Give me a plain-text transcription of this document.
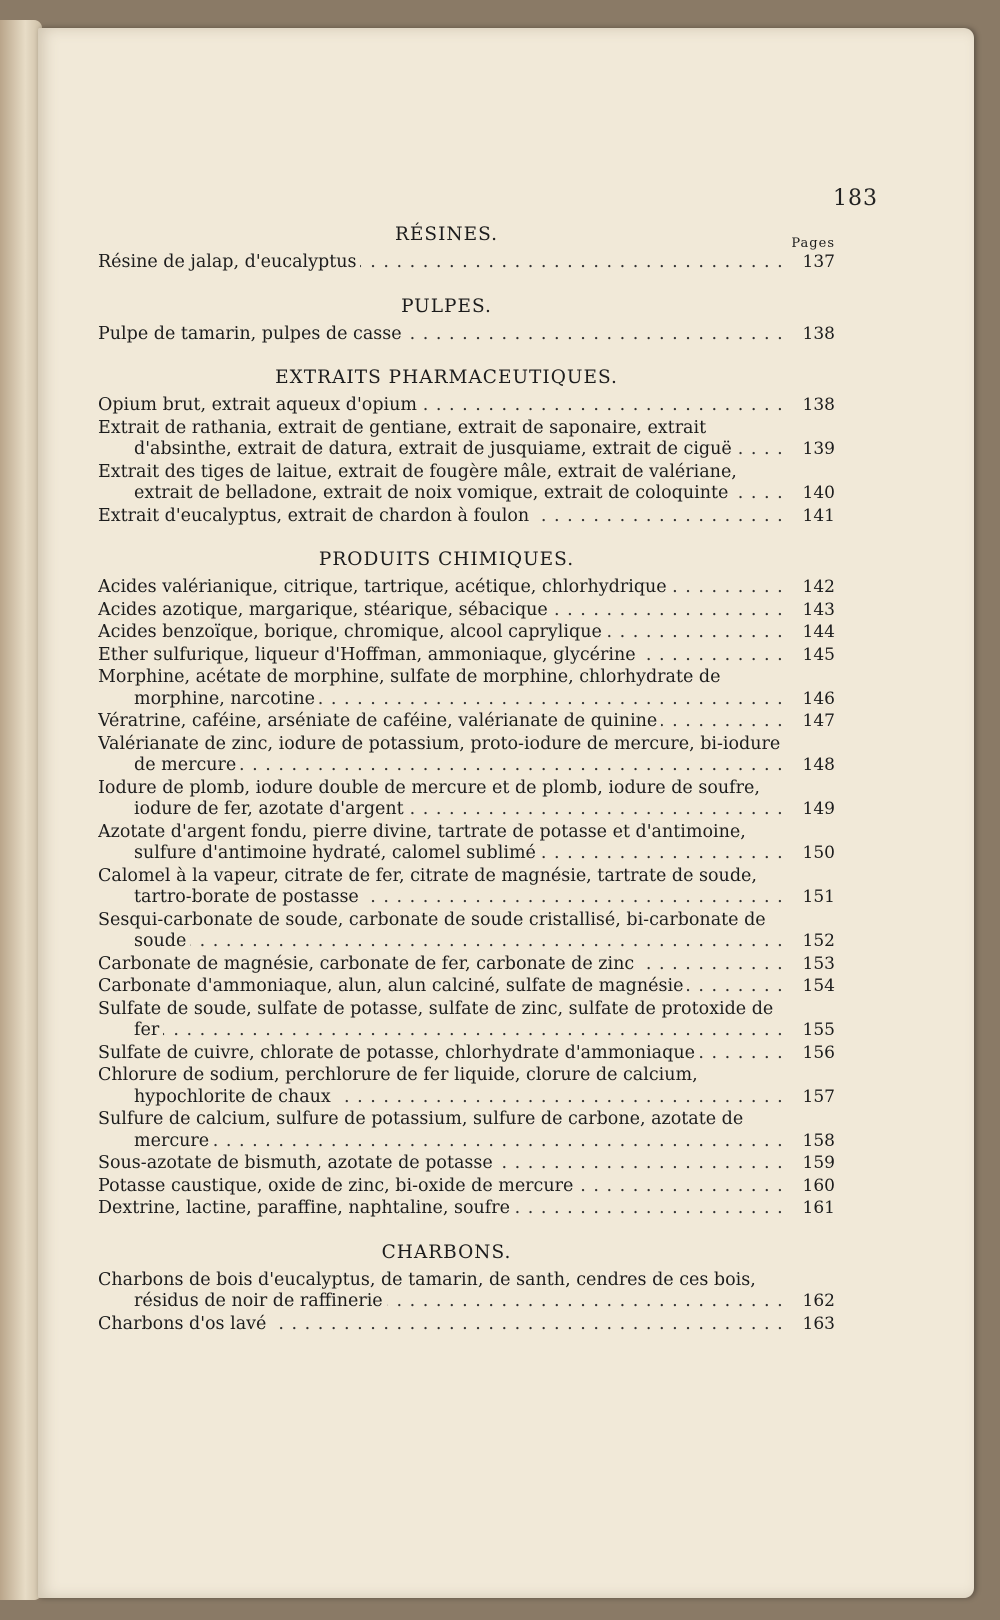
183
RÉSINES.	Pages
Résine de jalap, d'eucalyptus . . .	137
PULPES.
Pulpe de tamarin, pulpes de casse . . .	138
EXTRAITS PHARMACEUTIQUES.
Opium brut, extrait aqueux d'opium . . .	138
Extrait de rathania, extrait de gentiane, extrait de saponaire, extrait d'absinthe, extrait de datura, extrait de jusquiame, extrait de ciguë . . .	139
Extrait des tiges de laitue, extrait de fougère mâle, extrait de valériane, extrait de belladone, extrait de noix vomique, extrait de coloquinte . . .	140
Extrait d'eucalyptus, extrait de chardon à foulon . . .	141
PRODUITS CHIMIQUES.
Acides valérianique, citrique, tartrique, acétique, chlorhydrique . . .	142
Acides azotique, margarique, stéarique, sébacique . . .	143
Acides benzoïque, borique, chromique, alcool caprylique . . .	144
Ether sulfurique, liqueur d'Hoffman, ammoniaque, glycérine . . .	145
Morphine, acétate de morphine, sulfate de morphine, chlorhydrate de morphine, narcotine . . .	146
Vératrine, caféine, arséniate de caféine, valérianate de quinine . . .	147
Valérianate de zinc, iodure de potassium, proto-iodure de mercure, bi-iodure de mercure . . .	148
Iodure de plomb, iodure double de mercure et de plomb, iodure de soufre, iodure de fer, azotate d'argent . . .	149
Azotate d'argent fondu, pierre divine, tartrate de potasse et d'antimoine, sulfure d'antimoine hydraté, calomel sublimé . . .	150
Calomel à la vapeur, citrate de fer, citrate de magnésie, tartrate de soude, tartro-borate de postasse . . .	151
Sesqui-carbonate de soude, carbonate de soude cristallisé, bi-carbonate de soude . . .	152
Carbonate de magnésie, carbonate de fer, carbonate de zinc . . .	153
Carbonate d'ammoniaque, alun, alun calciné, sulfate de magnésie . . .	154
Sulfate de soude, sulfate de potasse, sulfate de zinc, sulfate de protoxide de fer . . .	155
Sulfate de cuivre, chlorate de potasse, chlorhydrate d'ammoniaque . . .	156
Chlorure de sodium, perchlorure de fer liquide, clorure de calcium, hypochlorite de chaux . . .	157
Sulfure de calcium, sulfure de potassium, sulfure de carbone, azotate de mercure . . .	158
Sous-azotate de bismuth, azotate de potasse . . .	159
Potasse caustique, oxide de zinc, bi-oxide de mercure . . .	160
Dextrine, lactine, paraffine, naphtaline, soufre . . .	161
CHARBONS.
Charbons de bois d'eucalyptus, de tamarin, de santh, cendres de ces bois, résidus de noir de raffinerie . . .	162
Charbons d'os lavé . . .	163
